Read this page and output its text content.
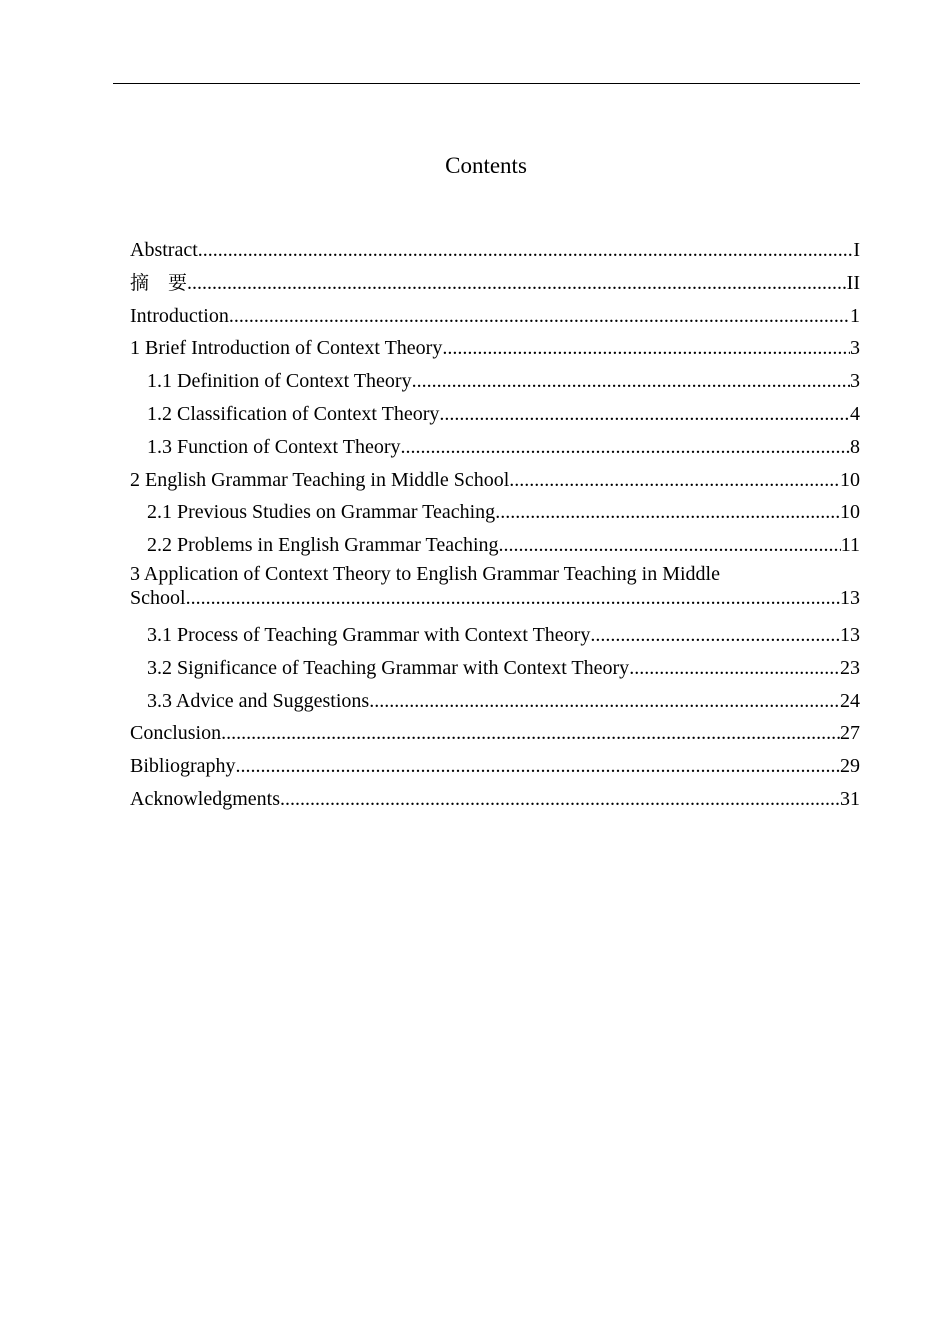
Contents
Abstract .....	I
摘　要 .....	II
Introduction .....	1
1 Brief Introduction of Context Theory .....	3
1.1 Definition of Context Theory .....	3
1.2 Classification of Context Theory .....	4
1.3 Function of Context Theory .....	8
2 English Grammar Teaching in Middle School .....	10
2.1 Previous Studies on Grammar Teaching .....	10
2.2 Problems in English Grammar Teaching .....	11
3 Application of Context Theory to English Grammar Teaching in Middle
School .....	13
3.1 Process of Teaching Grammar with Context Theory .....	13
3.2 Significance of Teaching Grammar with Context Theory .....	23
3.3 Advice and Suggestions .....	24
Conclusion .....	27
Bibliography .....	29
Acknowledgments .....	31
